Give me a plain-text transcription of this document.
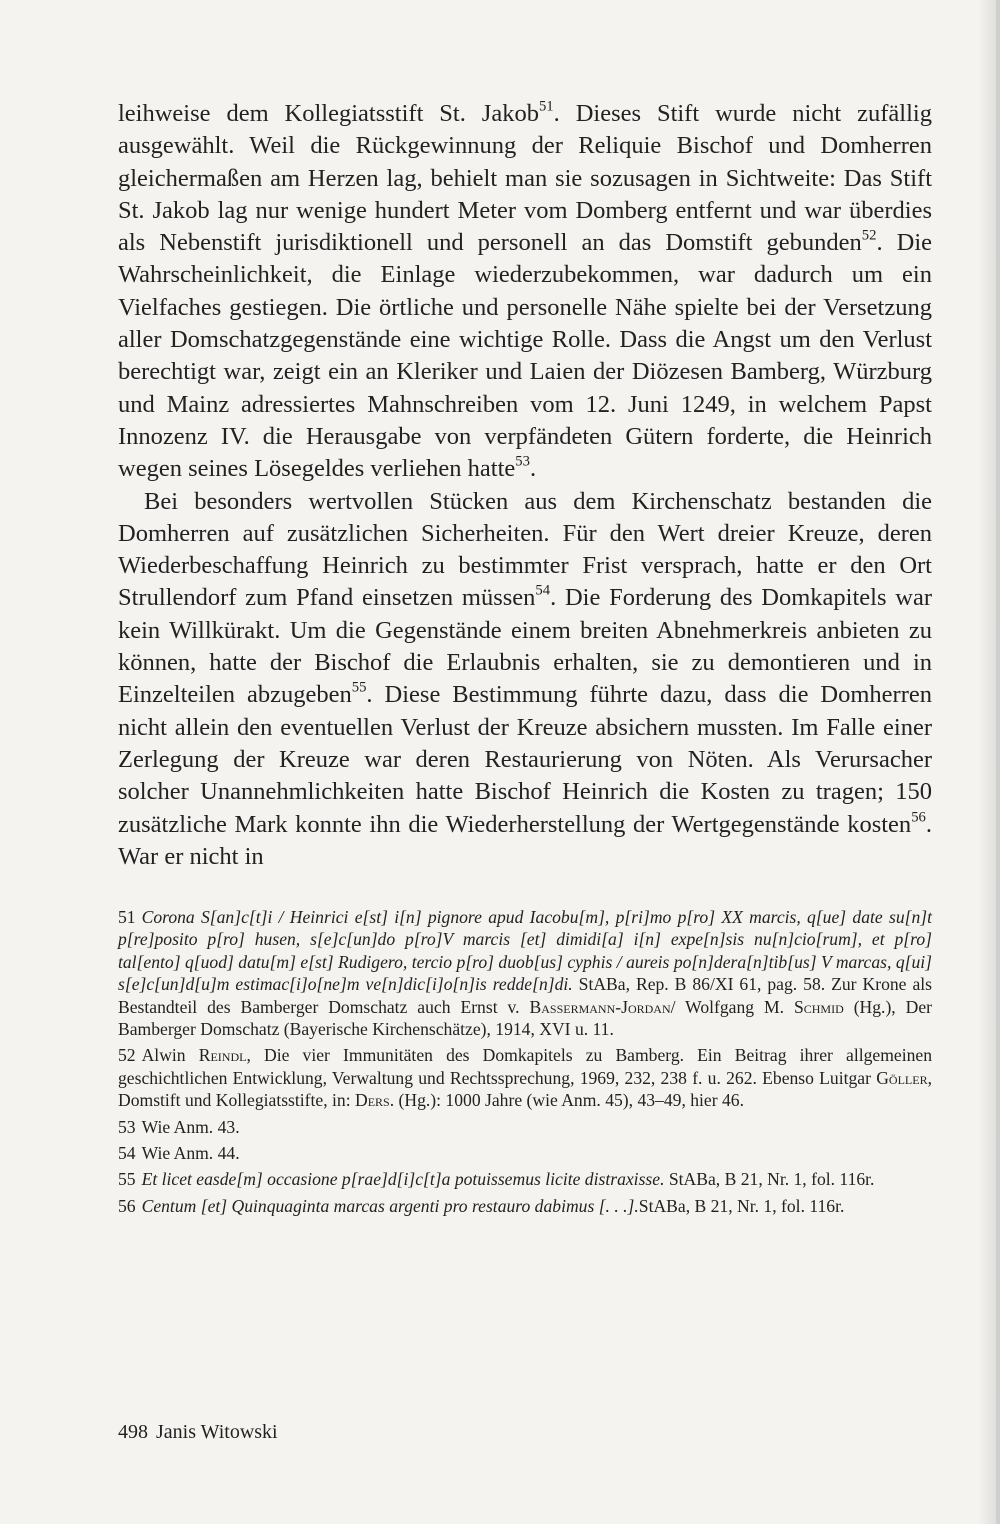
leihweise dem Kollegiatsstift St. Jakob$^{51}$. Dieses Stift wurde nicht zufällig ausgewählt. Weil die Rückgewinnung der Reliquie Bischof und Domherren gleichermaßen am Herzen lag, behielt man sie sozusagen in Sichtweite: Das Stift St. Jakob lag nur wenige hundert Meter vom Domberg entfernt und war überdies als Nebenstift jurisdiktionell und personell an das Domstift gebunden$^{52}$. Die Wahrscheinlichkeit, die Einlage wiederzubekommen, war dadurch um ein Vielfaches gestiegen. Die örtliche und personelle Nähe spielte bei der Versetzung aller Domschatzgegenstände eine wichtige Rolle. Dass die Angst um den Verlust berechtigt war, zeigt ein an Kleriker und Laien der Diözesen Bamberg, Würzburg und Mainz adressiertes Mahnschreiben vom 12. Juni 1249, in welchem Papst Innozenz IV. die Herausgabe von verpfändeten Gütern forderte, die Heinrich wegen seines Lösegeldes verliehen hatte$^{53}$.

Bei besonders wertvollen Stücken aus dem Kirchenschatz bestanden die Domherren auf zusätzlichen Sicherheiten. Für den Wert dreier Kreuze, deren Wiederbeschaffung Heinrich zu bestimmter Frist versprach, hatte er den Ort Strullendorf zum Pfand einsetzen müssen$^{54}$. Die Forderung des Domkapitels war kein Willkürakt. Um die Gegenstände einem breiten Abnehmerkreis anbieten zu können, hatte der Bischof die Erlaubnis erhalten, sie zu demontieren und in Einzelteilen abzugeben$^{55}$. Diese Bestimmung führte dazu, dass die Domherren nicht allein den eventuellen Verlust der Kreuze absichern mussten. Im Falle einer Zerlegung der Kreuze war deren Restaurierung von Nöten. Als Verursacher solcher Unannehmlichkeiten hatte Bischof Heinrich die Kosten zu tragen; 150 zusätzliche Mark konnte ihn die Wiederherstellung der Wertgegenstände kosten$^{56}$. War er nicht in

51 Corona S[an]c[t]i / Heinrici e[st] i[n] pignore apud Iacobu[m], p[ri]mo p[ro] XX marcis, q[ue] date su[n]t p[re]posito p[ro] husen, s[e]c[un]do p[ro]V marcis [et] dimidi[a] i[n] expe[n]sis nu[n]cio[rum], et p[ro] tal[ento] q[uod] datu[m] e[st] Rudigero, tercio p[ro] duob[us] cyphis / aureis po[n]dera[n]tib[us] V marcas, q[ui] s[e]c[un]d[u]m estimac[i]o[ne]m ve[n]dic[i]o[n]is redde[n]di. StABa, Rep. B 86/XI 61, pag. 58. Zur Krone als Bestandteil des Bamberger Domschatz auch Ernst v. Bassermann-Jordan/ Wolfgang M. Schmid (Hg.), Der Bamberger Domschatz (Bayerische Kirchenschätze), 1914, XVI u. 11.
52 Alwin Reindl, Die vier Immunitäten des Domkapitels zu Bamberg. Ein Beitrag ihrer allgemeinen geschichtlichen Entwicklung, Verwaltung und Rechtssprechung, 1969, 232, 238 f. u. 262. Ebenso Luitgar Göller, Domstift und Kollegiatsstifte, in: Ders. (Hg.): 1000 Jahre (wie Anm. 45), 43–49, hier 46.
53 Wie Anm. 43.
54 Wie Anm. 44.
55 Et licet easde[m] occasione p[rae]d[i]c[t]a potuissemus licite distraxisse. StABa, B 21, Nr. 1, fol. 116r.
56 Centum [et] Quinquaginta marcas argenti pro restauro dabimus [. . .].StABa, B 21, Nr. 1, fol. 116r.
498 Janis Witowski
